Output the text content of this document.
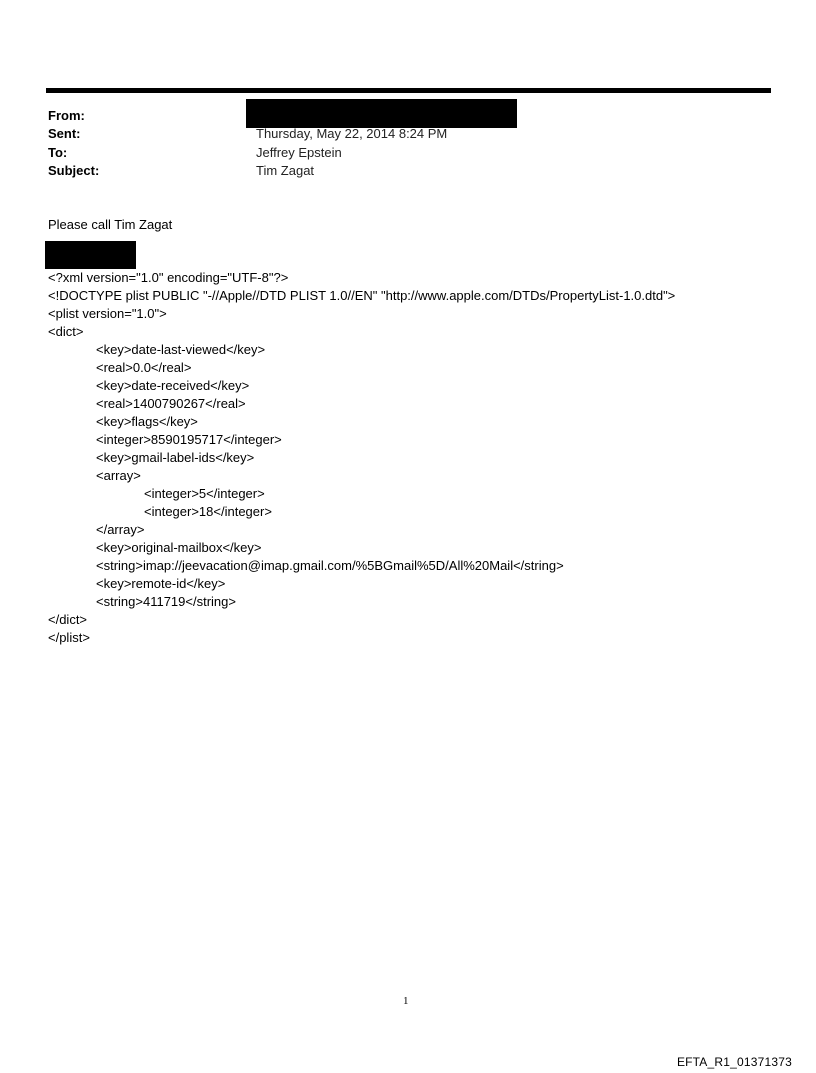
From:
Sent:	Thursday, May 22, 2014 8:24 PM
To:	Jeffrey Epstein
Subject:	Tim Zagat
Please call Tim Zagat
<?xml version="1.0" encoding="UTF-8"?>
<!DOCTYPE plist PUBLIC "-//Apple//DTD PLIST 1.0//EN" "http://www.apple.com/DTDs/PropertyList-1.0.dtd">
<plist version="1.0">
<dict>
<key>date-last-viewed</key>
<real>0.0</real>
<key>date-received</key>
<real>1400790267</real>
<key>flags</key>
<integer>8590195717</integer>
<key>gmail-label-ids</key>
<array>
<integer>5</integer>
<integer>18</integer>
</array>
<key>original-mailbox</key>
<string>imap://jeevacation@imap.gmail.com/%5BGmail%5D/All%20Mail</string>
<key>remote-id</key>
<string>411719</string>
</dict>
</plist>
1
EFTA_R1_01371373
